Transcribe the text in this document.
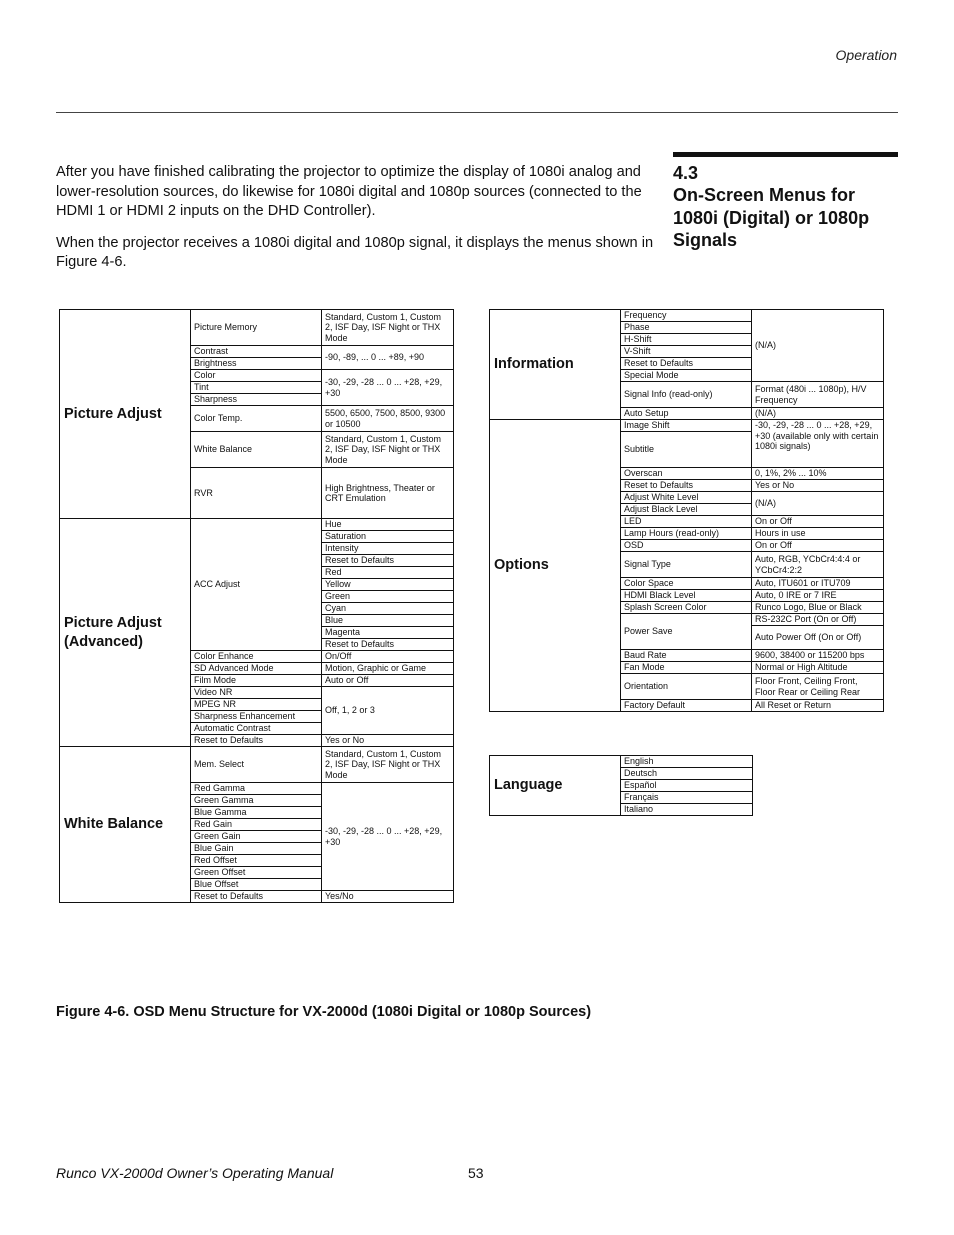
Operation
4.3
On-Screen Menus for 1080i (Digital) or 1080p Signals

After you have finished calibrating the projector to optimize the display of 1080i analog and lower-resolution sources, do likewise for 1080i digital and 1080p sources (connected to the HDMI 1 or HDMI 2 inputs on the DHD Controller).

When the projector receives a 1080i digital and 1080p signal, it displays the menus shown in Figure 4-6.

Picture Adjust	Picture Memory	Standard, Custom 1, Custom 2, ISF Day, ISF Night or THX Mode
	Contrast	-90, -89, ... 0 ... +89, +90
	Brightness	
	Color	-30, -29, -28 ... 0 ... +28, +29, +30
	Tint	
	Sharpness	
	Color Temp.	5500, 6500, 7500, 8500, 9300 or 10500
	White Balance	Standard, Custom 1, Custom 2, ISF Day, ISF Night or THX Mode
	RVR	High Brightness, Theater or CRT Emulation
Picture Adjust (Advanced)	ACC Adjust	Hue
		Saturation
		Intensity
		Reset to Defaults
		Red
		Yellow
		Green
		Cyan
		Blue
		Magenta
		Reset to Defaults
	Color Enhance	On/Off
	SD Advanced Mode	Motion, Graphic or Game
	Film Mode	Auto or Off
	Video NR	Off, 1, 2 or 3
	MPEG NR	
	Sharpness Enhancement	
	Automatic Contrast	
	Reset to Defaults	Yes or No
White Balance	Mem. Select	Standard, Custom 1, Custom 2, ISF Day, ISF Night or THX Mode
	Red Gamma	-30, -29, -28 ... 0 ... +28, +29, +30
	Green Gamma	
	Blue Gamma	
	Red Gain	
	Green Gain	
	Blue Gain	
	Red Offset	
	Green Offset	
	Blue Offset	
	Reset to Defaults	Yes/No
Information	Frequency	(N/A)
	Phase	
	H-Shift	
	V-Shift	
	Reset to Defaults	
	Special Mode	
	Signal Info (read-only)	Format (480i ... 1080p), H/V Frequency
	Auto Setup	(N/A)
Options	Image Shift	-30, -29, -28 ... 0 ... +28, +29, +30 (available only with certain 1080i signals)
	Subtitle	
	Overscan	0, 1%, 2% ... 10%
	Reset to Defaults	Yes or No
	Adjust White Level	(N/A)
	Adjust Black Level	
	LED	On or Off
	Lamp Hours (read-only)	Hours in use
	OSD	On or Off
	Signal Type	Auto, RGB, YCbCr4:4:4 or YCbCr4:2:2
	Color Space	Auto, ITU601 or ITU709
	HDMI Black Level	Auto, 0 IRE or 7 IRE
	Splash Screen Color	Runco Logo, Blue or Black
	Power Save	RS-232C Port (On or Off)
		Auto Power Off (On or Off)
	Baud Rate	9600, 38400 or 115200 bps
	Fan Mode	Normal or High Altitude
	Orientation	Floor Front, Ceiling Front, Floor Rear or Ceiling Rear
	Factory Default	All Reset or Return
Language	English
Deutsch
Español
Français
Italiano
Figure 4-6. OSD Menu Structure for VX-2000d (1080i Digital or 1080p Sources)
Runco VX-2000d Owner’s Operating Manual	53
